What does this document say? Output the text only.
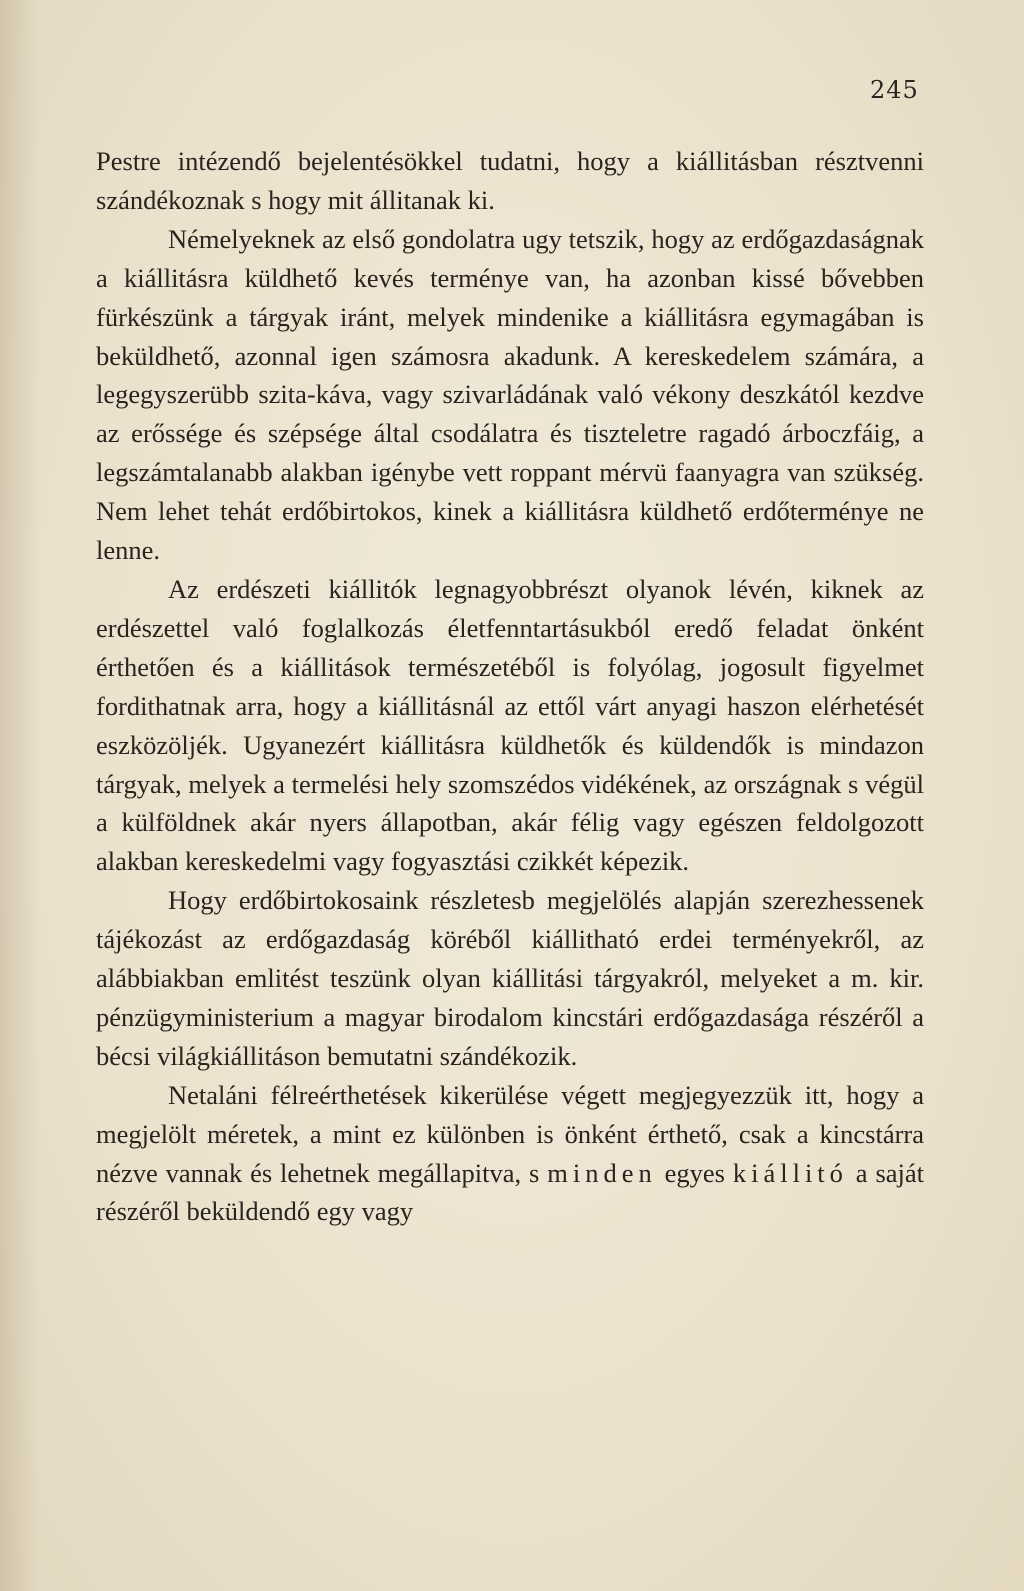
245

Pestre intézendő bejelentésökkel tudatni, hogy a kiállitásban résztvenni szándékoznak s hogy mit állitanak ki.

Némelyeknek az első gondolatra ugy tetszik, hogy az erdőgazdaságnak a kiállitásra küldhető kevés terménye van, ha azonban kissé bővebben fürkészünk a tárgyak iránt, melyek mindenike a kiállitásra egymagában is beküldhető, azonnal igen számosra akadunk. A kereskedelem számára, a legegyszerübb szita-káva, vagy szivarládának való vékony deszkától kezdve az erőssége és szépsége által csodálatra és tiszteletre ragadó árboczfáig, a legszámtalanabb alakban igénybe vett roppant mérvü faanyagra van szükség. Nem lehet tehát erdőbirtokos, kinek a kiállitásra küldhető erdőterménye ne lenne.

Az erdészeti kiállitók legnagyobbrészt olyanok lévén, kiknek az erdészettel való foglalkozás életfenntartásukból eredő feladat önként érthetően és a kiállitások természetéből is folyólag, jogosult figyelmet fordithatnak arra, hogy a kiállitásnál az ettől várt anyagi haszon elérhetését eszközöljék. Ugyanezért kiállitásra küldhetők és küldendők is mindazon tárgyak, melyek a termelési hely szomszédos vidékének, az országnak s végül a külföldnek akár nyers állapotban, akár félig vagy egészen feldolgozott alakban kereskedelmi vagy fogyasztási czikkét képezik.

Hogy erdőbirtokosaink részletesb megjelölés alapján szerezhessenek tájékozást az erdőgazdaság köréből kiállitható erdei terményekről, az alábbiakban emlitést teszünk olyan kiállitási tárgyakról, melyeket a m. kir. pénzügyministerium a magyar birodalom kincstári erdőgazdasága részéről a bécsi világkiállitáson bemutatni szándékozik.

Netaláni félreérthetések kikerülése végett megjegyezzük itt, hogy a megjelölt méretek, a mint ez különben is önként érthető, csak a kincstárra nézve vannak és lehetnek megállapitva, s minden egyes kiállitó a saját részéről beküldendő egy vagy
